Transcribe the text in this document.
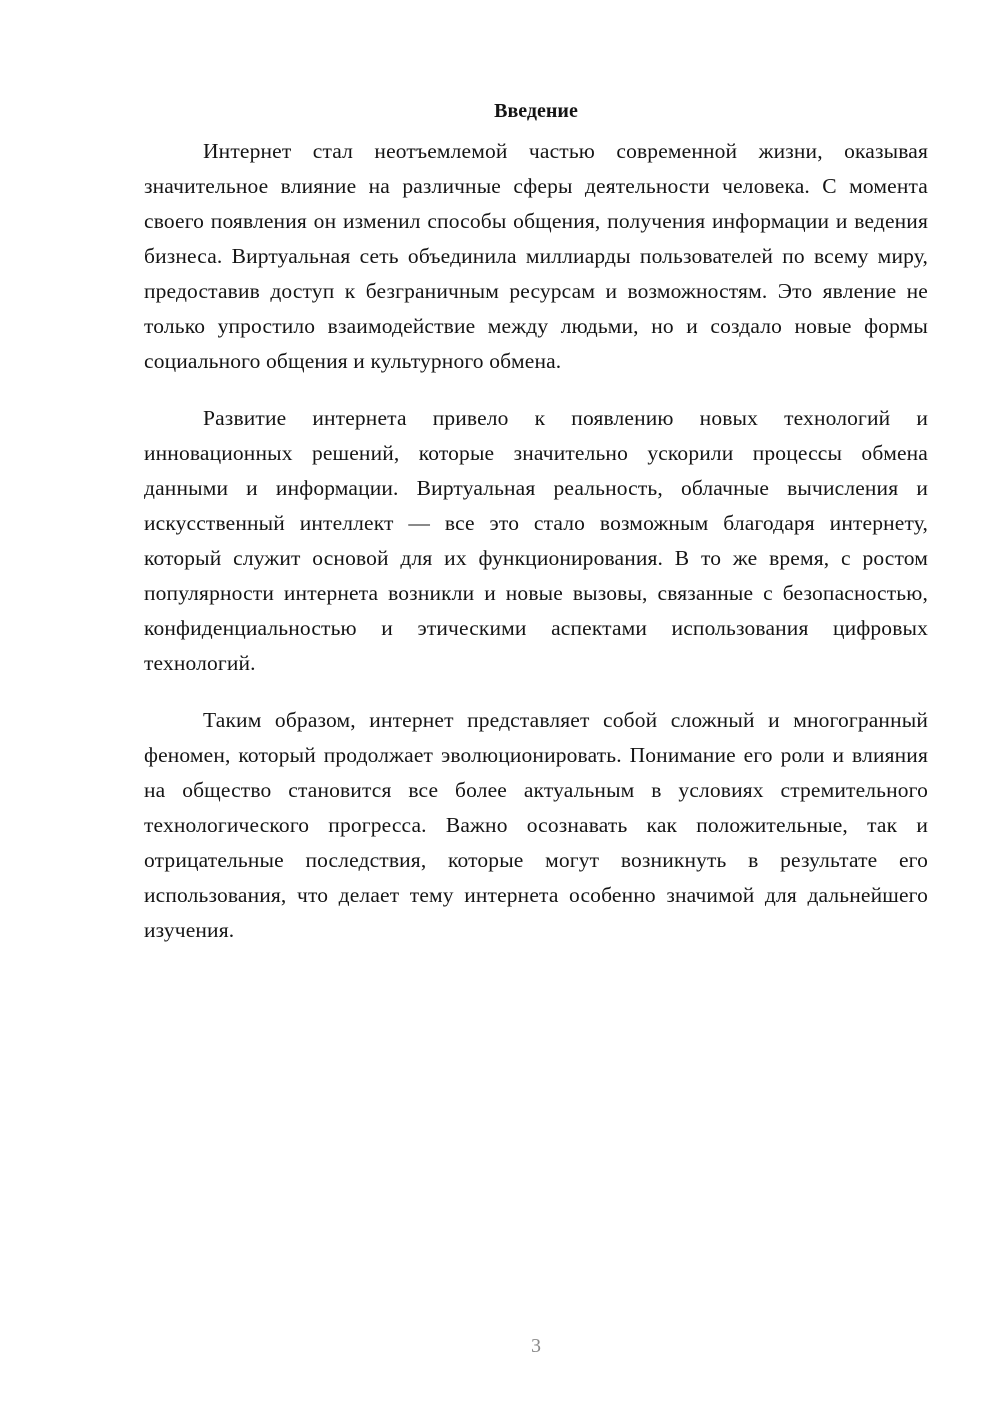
Введение

Интернет стал неотъемлемой частью современной жизни, оказывая значительное влияние на различные сферы деятельности человека. С момента своего появления он изменил способы общения, получения информации и ведения бизнеса. Виртуальная сеть объединила миллиарды пользователей по всему миру, предоставив доступ к безграничным ресурсам и возможностям. Это явление не только упростило взаимодействие между людьми, но и создало новые формы социального общения и культурного обмена.

Развитие интернета привело к появлению новых технологий и инновационных решений, которые значительно ускорили процессы обмена данными и информации. Виртуальная реальность, облачные вычисления и искусственный интеллект — все это стало возможным благодаря интернету, который служит основой для их функционирования. В то же время, с ростом популярности интернета возникли и новые вызовы, связанные с безопасностью, конфиденциальностью и этическими аспектами использования цифровых технологий.

Таким образом, интернет представляет собой сложный и многогранный феномен, который продолжает эволюционировать. Понимание его роли и влияния на общество становится все более актуальным в условиях стремительного технологического прогресса. Важно осознавать как положительные, так и отрицательные последствия, которые могут возникнуть в результате его использования, что делает тему интернета особенно значимой для дальнейшего изучения.

3
